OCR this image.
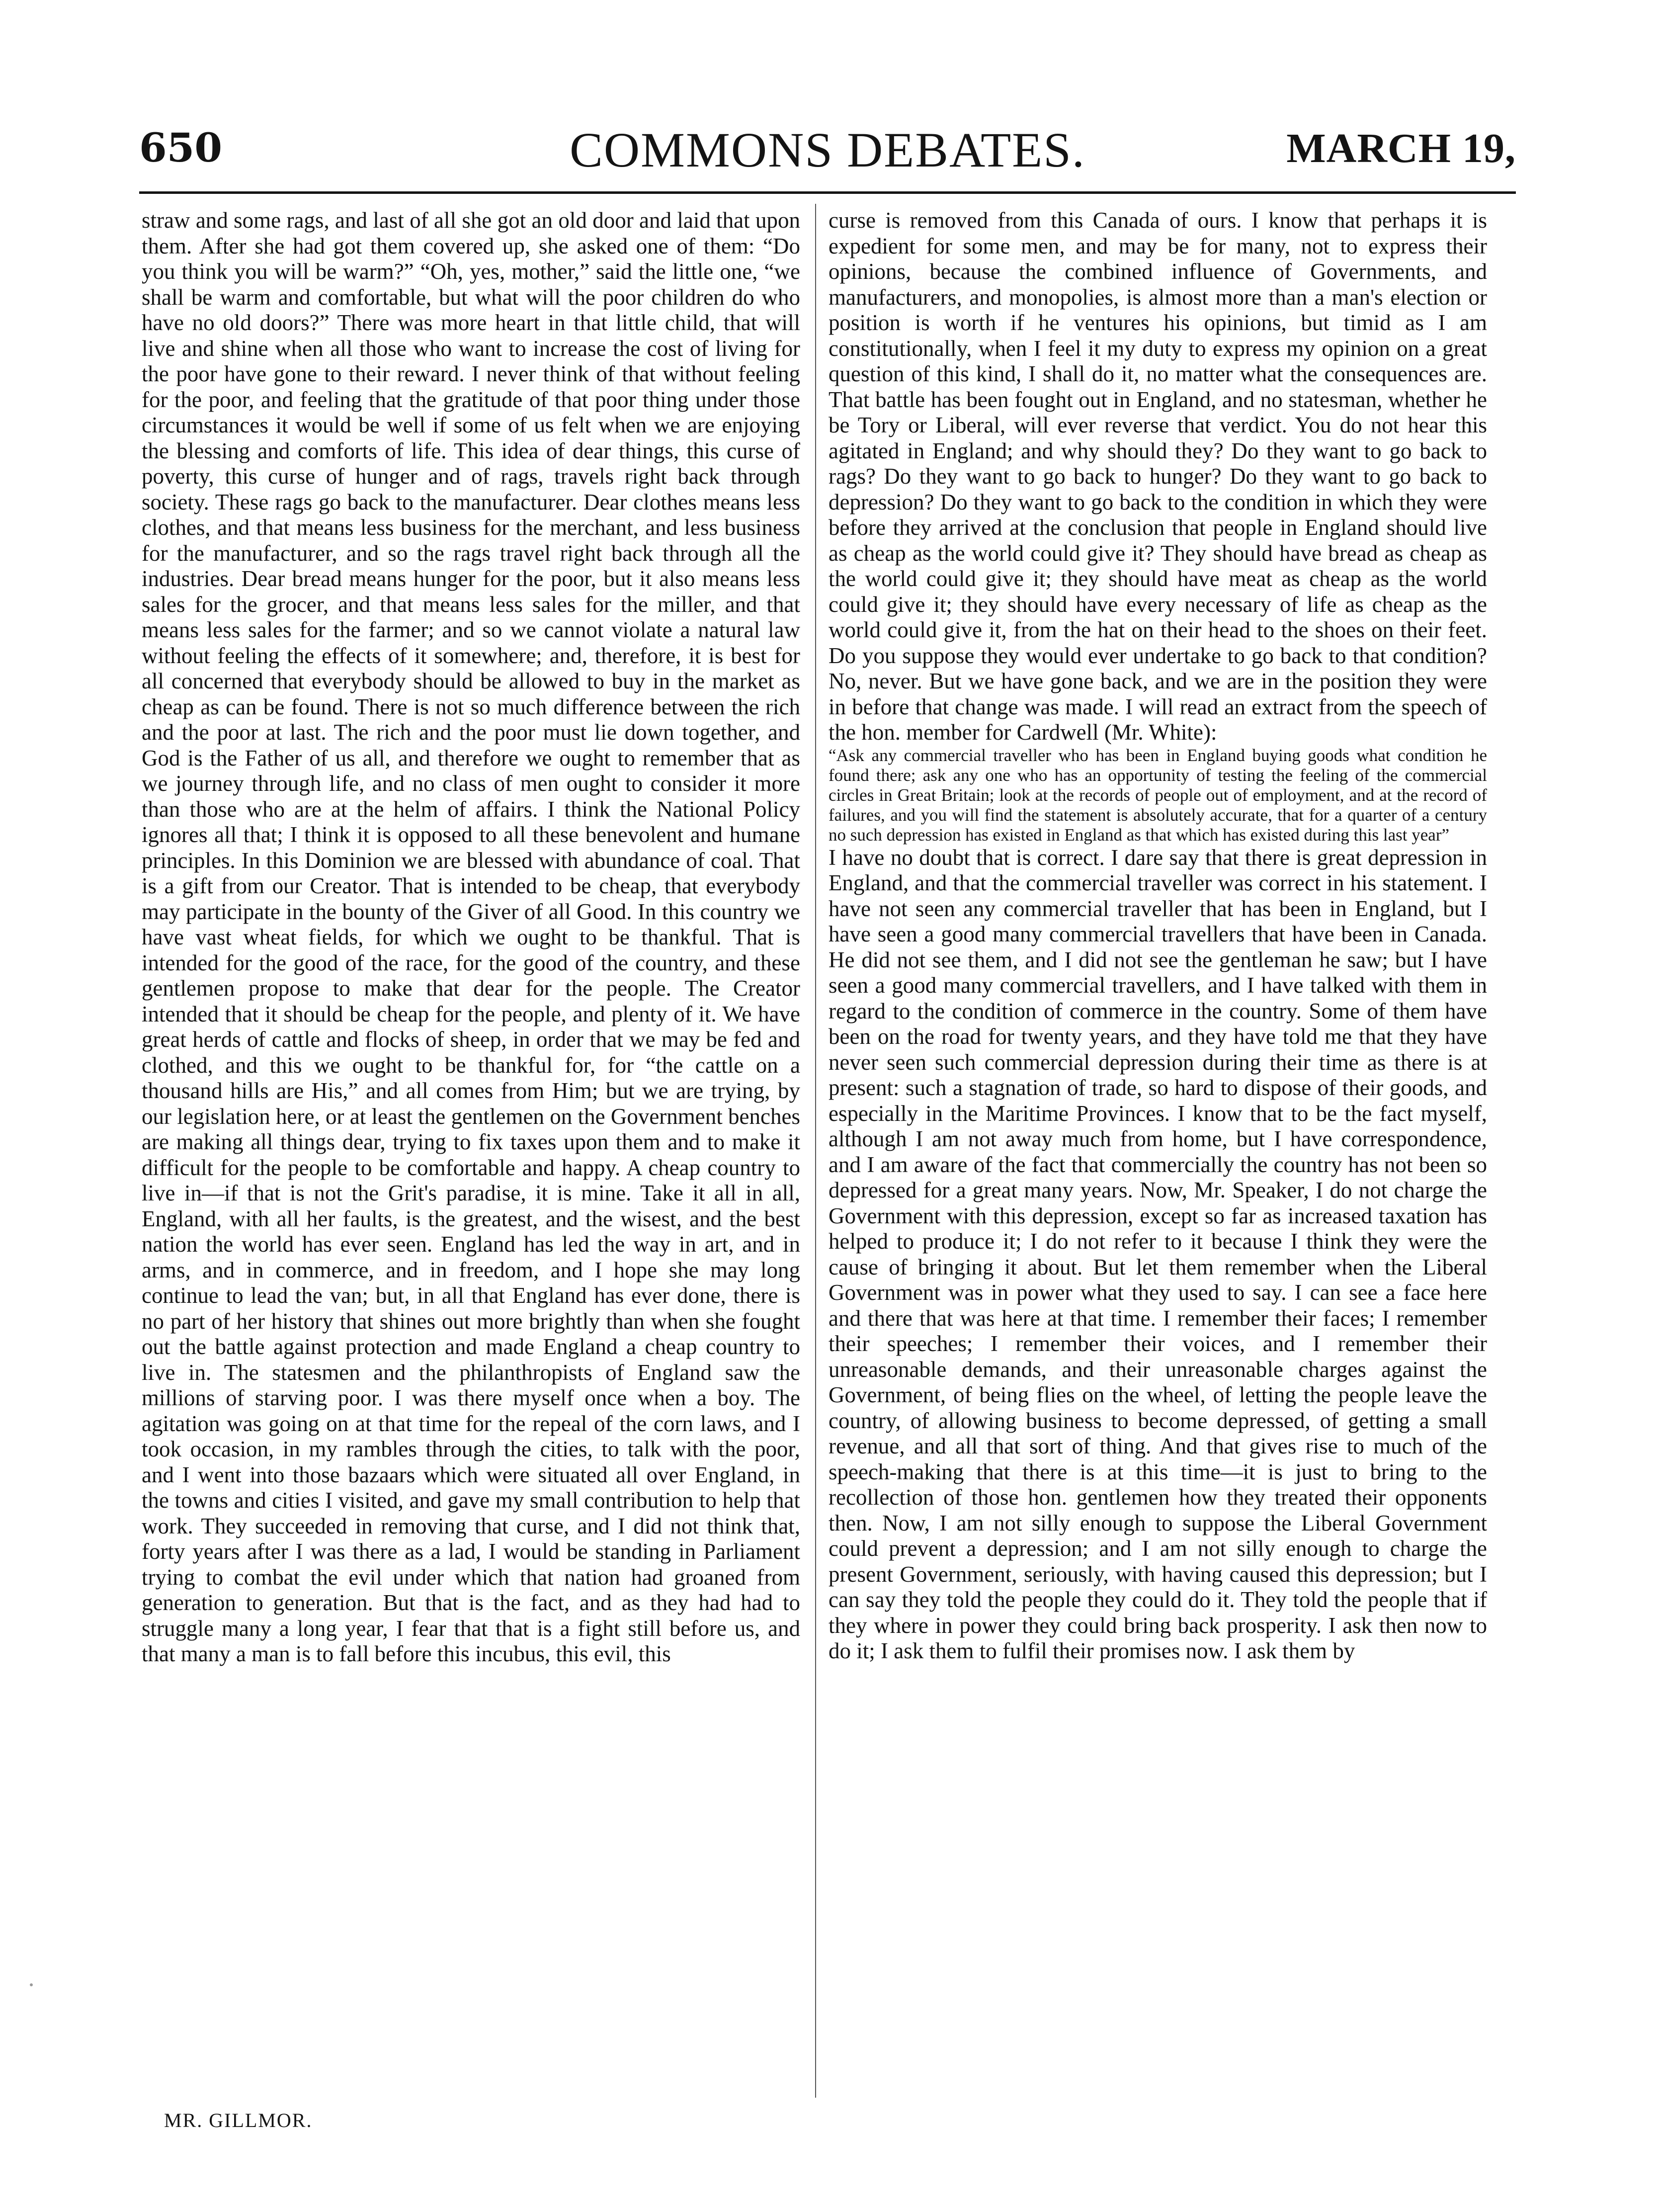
650	COMMONS DEBATES.	MARCH 19,

straw and some rags, and last of all she got an old door and laid that upon them. After she had got them covered up, she asked one of them: “Do you think you will be warm?” “Oh, yes, mother,” said the little one, “we shall be warm and comfortable, but what will the poor children do who have no old doors?” There was more heart in that little child, that will live and shine when all those who want to increase the cost of living for the poor have gone to their reward. I never think of that without feeling for the poor, and feeling that the gratitude of that poor thing under those circumstances it would be well if some of us felt when we are enjoying the blessing and comforts of life. This idea of dear things, this curse of poverty, this curse of hunger and of rags, travels right back through society. These rags go back to the manufacturer. Dear clothes means less clothes, and that means less business for the merchant, and less business for the manufacturer, and so the rags travel right back through all the industries. Dear bread means hunger for the poor, but it also means less sales for the grocer, and that means less sales for the miller, and that means less sales for the farmer; and so we cannot violate a natural law without feeling the effects of it somewhere; and, therefore, it is best for all concerned that everybody should be allowed to buy in the market as cheap as can be found. There is not so much difference between the rich and the poor at last. The rich and the poor must lie down together, and God is the Father of us all, and therefore we ought to remember that as we journey through life, and no class of men ought to consider it more than those who are at the helm of affairs. I think the National Policy ignores all that; I think it is opposed to all these benevolent and humane principles. In this Dominion we are blessed with abundance of coal. That is a gift from our Creator. That is intended to be cheap, that everybody may participate in the bounty of the Giver of all Good. In this country we have vast wheat fields, for which we ought to be thankful. That is intended for the good of the race, for the good of the country, and these gentlemen propose to make that dear for the people. The Creator intended that it should be cheap for the people, and plenty of it. We have great herds of cattle and flocks of sheep, in order that we may be fed and clothed, and this we ought to be thankful for, for “the cattle on a thousand hills are His,” and all comes from Him; but we are trying, by our legislation here, or at least the gentlemen on the Government benches are making all things dear, trying to fix taxes upon them and to make it difficult for the people to be comfortable and happy. A cheap country to live in—if that is not the Grit's paradise, it is mine. Take it all in all, England, with all her faults, is the greatest, and the wisest, and the best nation the world has ever seen. England has led the way in art, and in arms, and in commerce, and in freedom, and I hope she may long continue to lead the van; but, in all that England has ever done, there is no part of her history that shines out more brightly than when she fought out the battle against protection and made England a cheap country to live in. The statesmen and the philanthropists of England saw the millions of starving poor. I was there myself once when a boy. The agitation was going on at that time for the repeal of the corn laws, and I took occasion, in my rambles through the cities, to talk with the poor, and I went into those bazaars which were situated all over England, in the towns and cities I visited, and gave my small contribution to help that work. They succeeded in removing that curse, and I did not think that, forty years after I was there as a lad, I would be standing in Parliament trying to combat the evil under which that nation had groaned from generation to generation. But that is the fact, and as they had had to struggle many a long year, I fear that that is a fight still before us, and that many a man is to fall before this incubus, this evil, this

curse is removed from this Canada of ours. I know that perhaps it is expedient for some men, and may be for many, not to express their opinions, because the combined influence of Governments, and manufacturers, and monopolies, is almost more than a man's election or position is worth if he ventures his opinions, but timid as I am constitutionally, when I feel it my duty to express my opinion on a great question of this kind, I shall do it, no matter what the consequences are. That battle has been fought out in England, and no statesman, whether he be Tory or Liberal, will ever reverse that verdict. You do not hear this agitated in England; and why should they? Do they want to go back to rags? Do they want to go back to hunger? Do they want to go back to depression? Do they want to go back to the condition in which they were before they arrived at the conclusion that people in England should live as cheap as the world could give it? They should have bread as cheap as the world could give it; they should have meat as cheap as the world could give it; they should have every necessary of life as cheap as the world could give it, from the hat on their head to the shoes on their feet. Do you suppose they would ever undertake to go back to that condition? No, never. But we have gone back, and we are in the position they were in before that change was made. I will read an extract from the speech of the hon. member for Cardwell (Mr. White):

“Ask any commercial traveller who has been in England buying goods what condition he found there; ask any one who has an opportunity of testing the feeling of the commercial circles in Great Britain; look at the records of people out of employment, and at the record of failures, and you will find the statement is absolutely accurate, that for a quarter of a century no such depression has existed in England as that which has existed during this last year”

I have no doubt that is correct. I dare say that there is great depression in England, and that the commercial traveller was correct in his statement. I have not seen any commercial traveller that has been in England, but I have seen a good many commercial travellers that have been in Canada. He did not see them, and I did not see the gentleman he saw; but I have seen a good many commercial travellers, and I have talked with them in regard to the condition of commerce in the country. Some of them have been on the road for twenty years, and they have told me that they have never seen such commercial depression during their time as there is at present: such a stagnation of trade, so hard to dispose of their goods, and especially in the Maritime Provinces. I know that to be the fact myself, although I am not away much from home, but I have correspondence, and I am aware of the fact that commercially the country has not been so depressed for a great many years. Now, Mr. Speaker, I do not charge the Government with this depression, except so far as increased taxation has helped to produce it; I do not refer to it because I think they were the cause of bringing it about. But let them remember when the Liberal Government was in power what they used to say. I can see a face here and there that was here at that time. I remember their faces; I remember their speeches; I remember their voices, and I remember their unreasonable demands, and their unreasonable charges against the Government, of being flies on the wheel, of letting the people leave the country, of allowing business to become depressed, of getting a small revenue, and all that sort of thing. And that gives rise to much of the speech-making that there is at this time—it is just to bring to the recollection of those hon. gentlemen how they treated their opponents then. Now, I am not silly enough to suppose the Liberal Government could prevent a depression; and I am not silly enough to charge the present Government, seriously, with having caused this depression; but I can say they told the people they could do it. They told the people that if they where in power they could bring back prosperity. I ask then now to do it; I ask them to fulfil their promises now. I ask them by

MR. GILLMOR.
